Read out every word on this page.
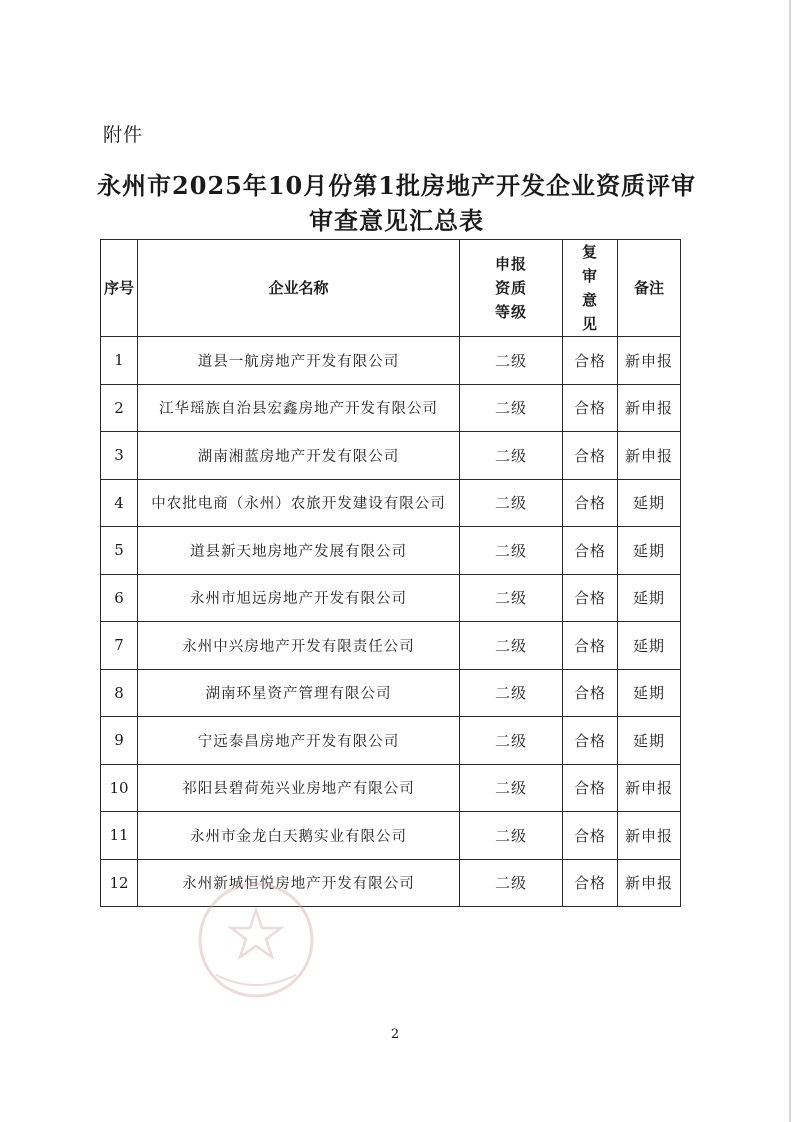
附件
永州市2025年10月份第1批房地产开发企业资质评审
审查意见汇总表
序号	企业名称	申报资质等级	复审意见	备注
1	道县一航房地产开发有限公司	二级	合格	新申报
2	江华瑶族自治县宏鑫房地产开发有限公司	二级	合格	新申报
3	湖南湘蓝房地产开发有限公司	二级	合格	新申报
4	中农批电商（永州）农旅开发建设有限公司	二级	合格	延期
5	道县新天地房地产发展有限公司	二级	合格	延期
6	永州市旭远房地产开发有限公司	二级	合格	延期
7	永州中兴房地产开发有限责任公司	二级	合格	延期
8	湖南环星资产管理有限公司	二级	合格	延期
9	宁远泰昌房地产开发有限公司	二级	合格	延期
10	祁阳县碧荷苑兴业房地产有限公司	二级	合格	新申报
11	永州市金龙白天鹅实业有限公司	二级	合格	新申报
12	永州新城恒悦房地产开发有限公司	二级	合格	新申报
2
